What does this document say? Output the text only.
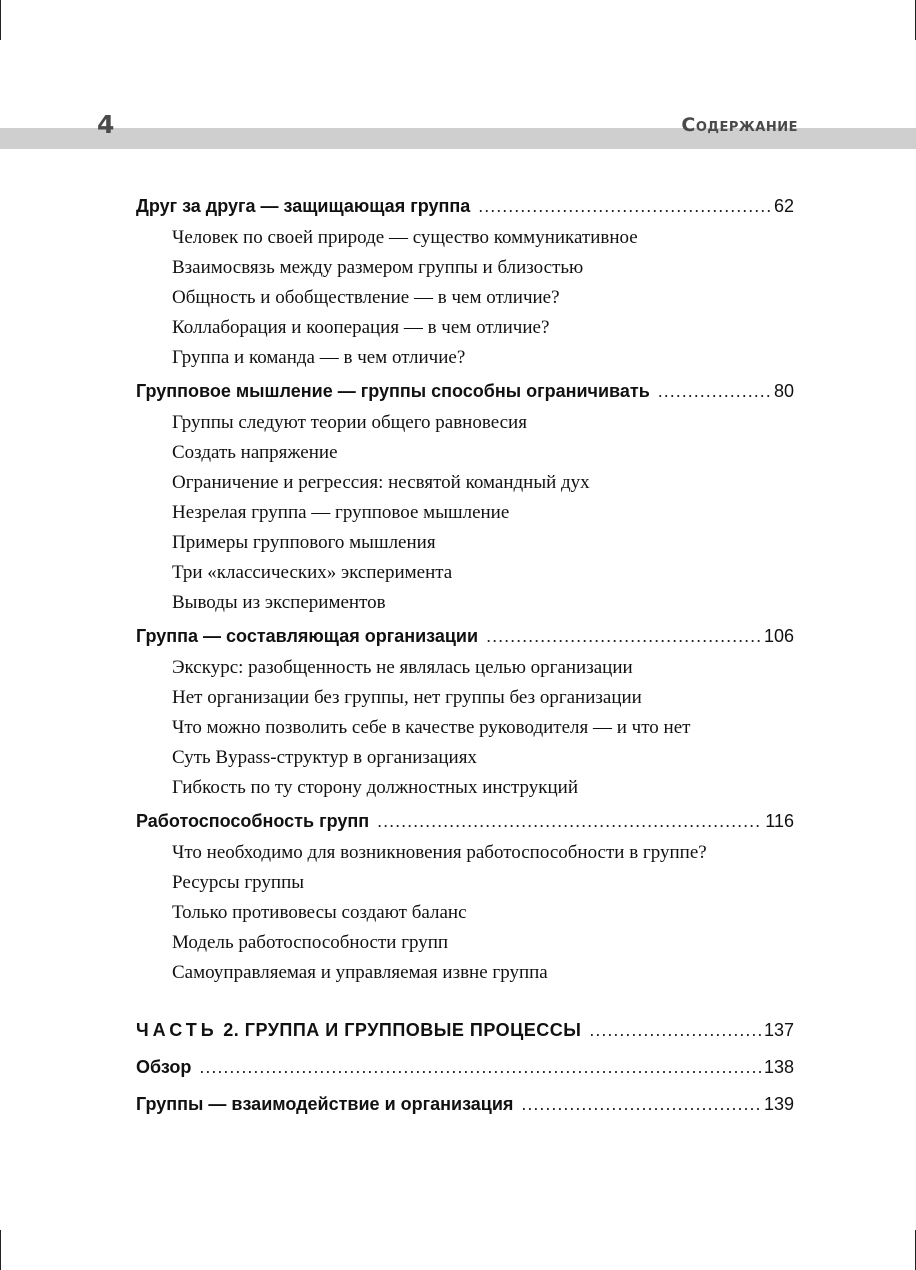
4	Содержание
Друг за друга — защищающая группа .....	62
Человек по своей природе — существо коммуникативное
Взаимосвязь между размером группы и близостью
Общность и обобществление — в чем отличие?
Коллаборация и кооперация — в чем отличие?
Группа и команда — в чем отличие?
Групповое мышление — группы способны ограничивать .....	80
Группы следуют теории общего равновесия
Создать напряжение
Ограничение и регрессия: несвятой командный дух
Незрелая группа — групповое мышление
Примеры группового мышления
Три «классических» эксперимента
Выводы из экспериментов
Группа — составляющая организации .....	106
Экскурс: разобщенность не являлась целью организации
Нет организации без группы, нет группы без организации
Что можно позволить себе в качестве руководителя — и что нет
Суть Bypass-структур в организациях
Гибкость по ту сторону должностных инструкций
Работоспособность групп .....	116
Что необходимо для возникновения работоспособности в группе?
Ресурсы группы
Только противовесы создают баланс
Модель работоспособности групп
Самоуправляемая и управляемая извне группа
ЧАСТЬ 2. ГРУППА И ГРУППОВЫЕ ПРОЦЕССЫ .....	137
Обзор .....	138
Группы — взаимодействие и организация .....	139
